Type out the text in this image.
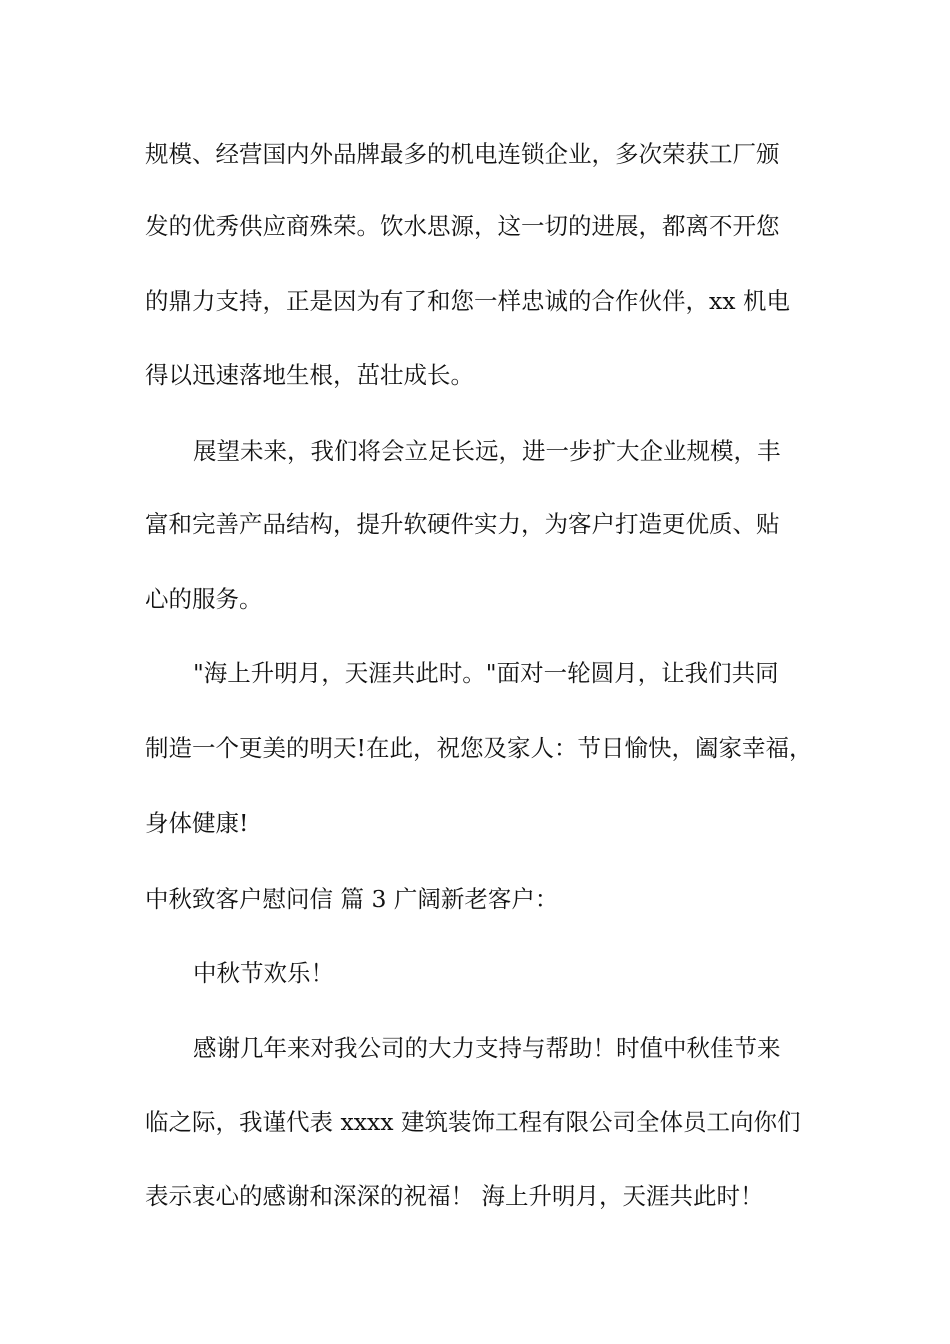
规模、经营国内外品牌最多的机电连锁企业，多次荣获工厂颁
发的优秀供应商殊荣。饮水思源，这一切的进展，都离不开您
的鼎力支持，正是因为有了和您一样忠诚的合作伙伴，xx 机电
得以迅速落地生根，茁壮成长。
展望未来，我们将会立足长远，进一步扩大企业规模，丰
富和完善产品结构，提升软硬件实力，为客户打造更优质、贴
心的服务。
"海上升明月，天涯共此时。"面对一轮圆月，让我们共同
制造一个更美的明天!在此，祝您及家人：节日愉快，阖家幸福，
身体健康!
中秋致客户慰问信 篇 3 广阔新老客户：
中秋节欢乐！
感谢几年来对我公司的大力支持与帮助！时值中秋佳节来
临之际，我谨代表 xxxx 建筑装饰工程有限公司全体员工向你们
表示衷心的感谢和深深的祝福！ 海上升明月，天涯共此时！
